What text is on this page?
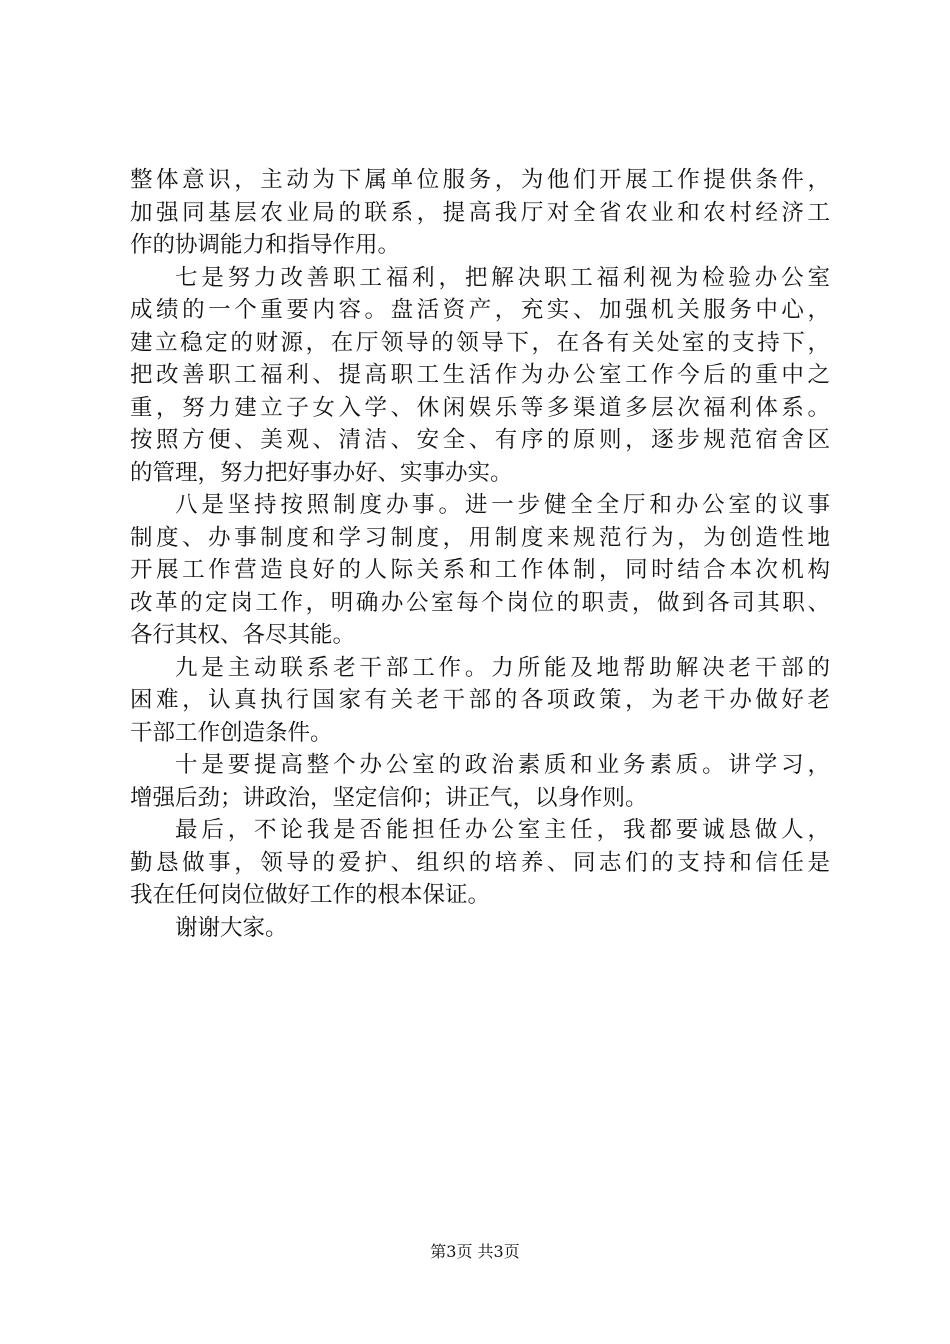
整体意识，主动为下属单位服务，为他们开展工作提供条件，
加强同基层农业局的联系，提高我厅对全省农业和农村经济工
作的协调能力和指导作用。
七是努力改善职工福利，把解决职工福利视为检验办公室
成绩的一个重要内容。盘活资产，充实、加强机关服务中心，
建立稳定的财源，在厅领导的领导下，在各有关处室的支持下，
把改善职工福利、提高职工生活作为办公室工作今后的重中之
重，努力建立子女入学、休闲娱乐等多渠道多层次福利体系。
按照方便、美观、清洁、安全、有序的原则，逐步规范宿舍区
的管理，努力把好事办好、实事办实。
八是坚持按照制度办事。进一步健全全厅和办公室的议事
制度、办事制度和学习制度，用制度来规范行为，为创造性地
开展工作营造良好的人际关系和工作体制，同时结合本次机构
改革的定岗工作，明确办公室每个岗位的职责，做到各司其职、
各行其权、各尽其能。
九是主动联系老干部工作。力所能及地帮助解决老干部的
困难，认真执行国家有关老干部的各项政策，为老干办做好老
干部工作创造条件。
十是要提高整个办公室的政治素质和业务素质。讲学习，
增强后劲；讲政治，坚定信仰；讲正气，以身作则。
最后，不论我是否能担任办公室主任，我都要诚恳做人，
勤恳做事，领导的爱护、组织的培养、同志们的支持和信任是
我在任何岗位做好工作的根本保证。
谢谢大家。
第3页 共3页
